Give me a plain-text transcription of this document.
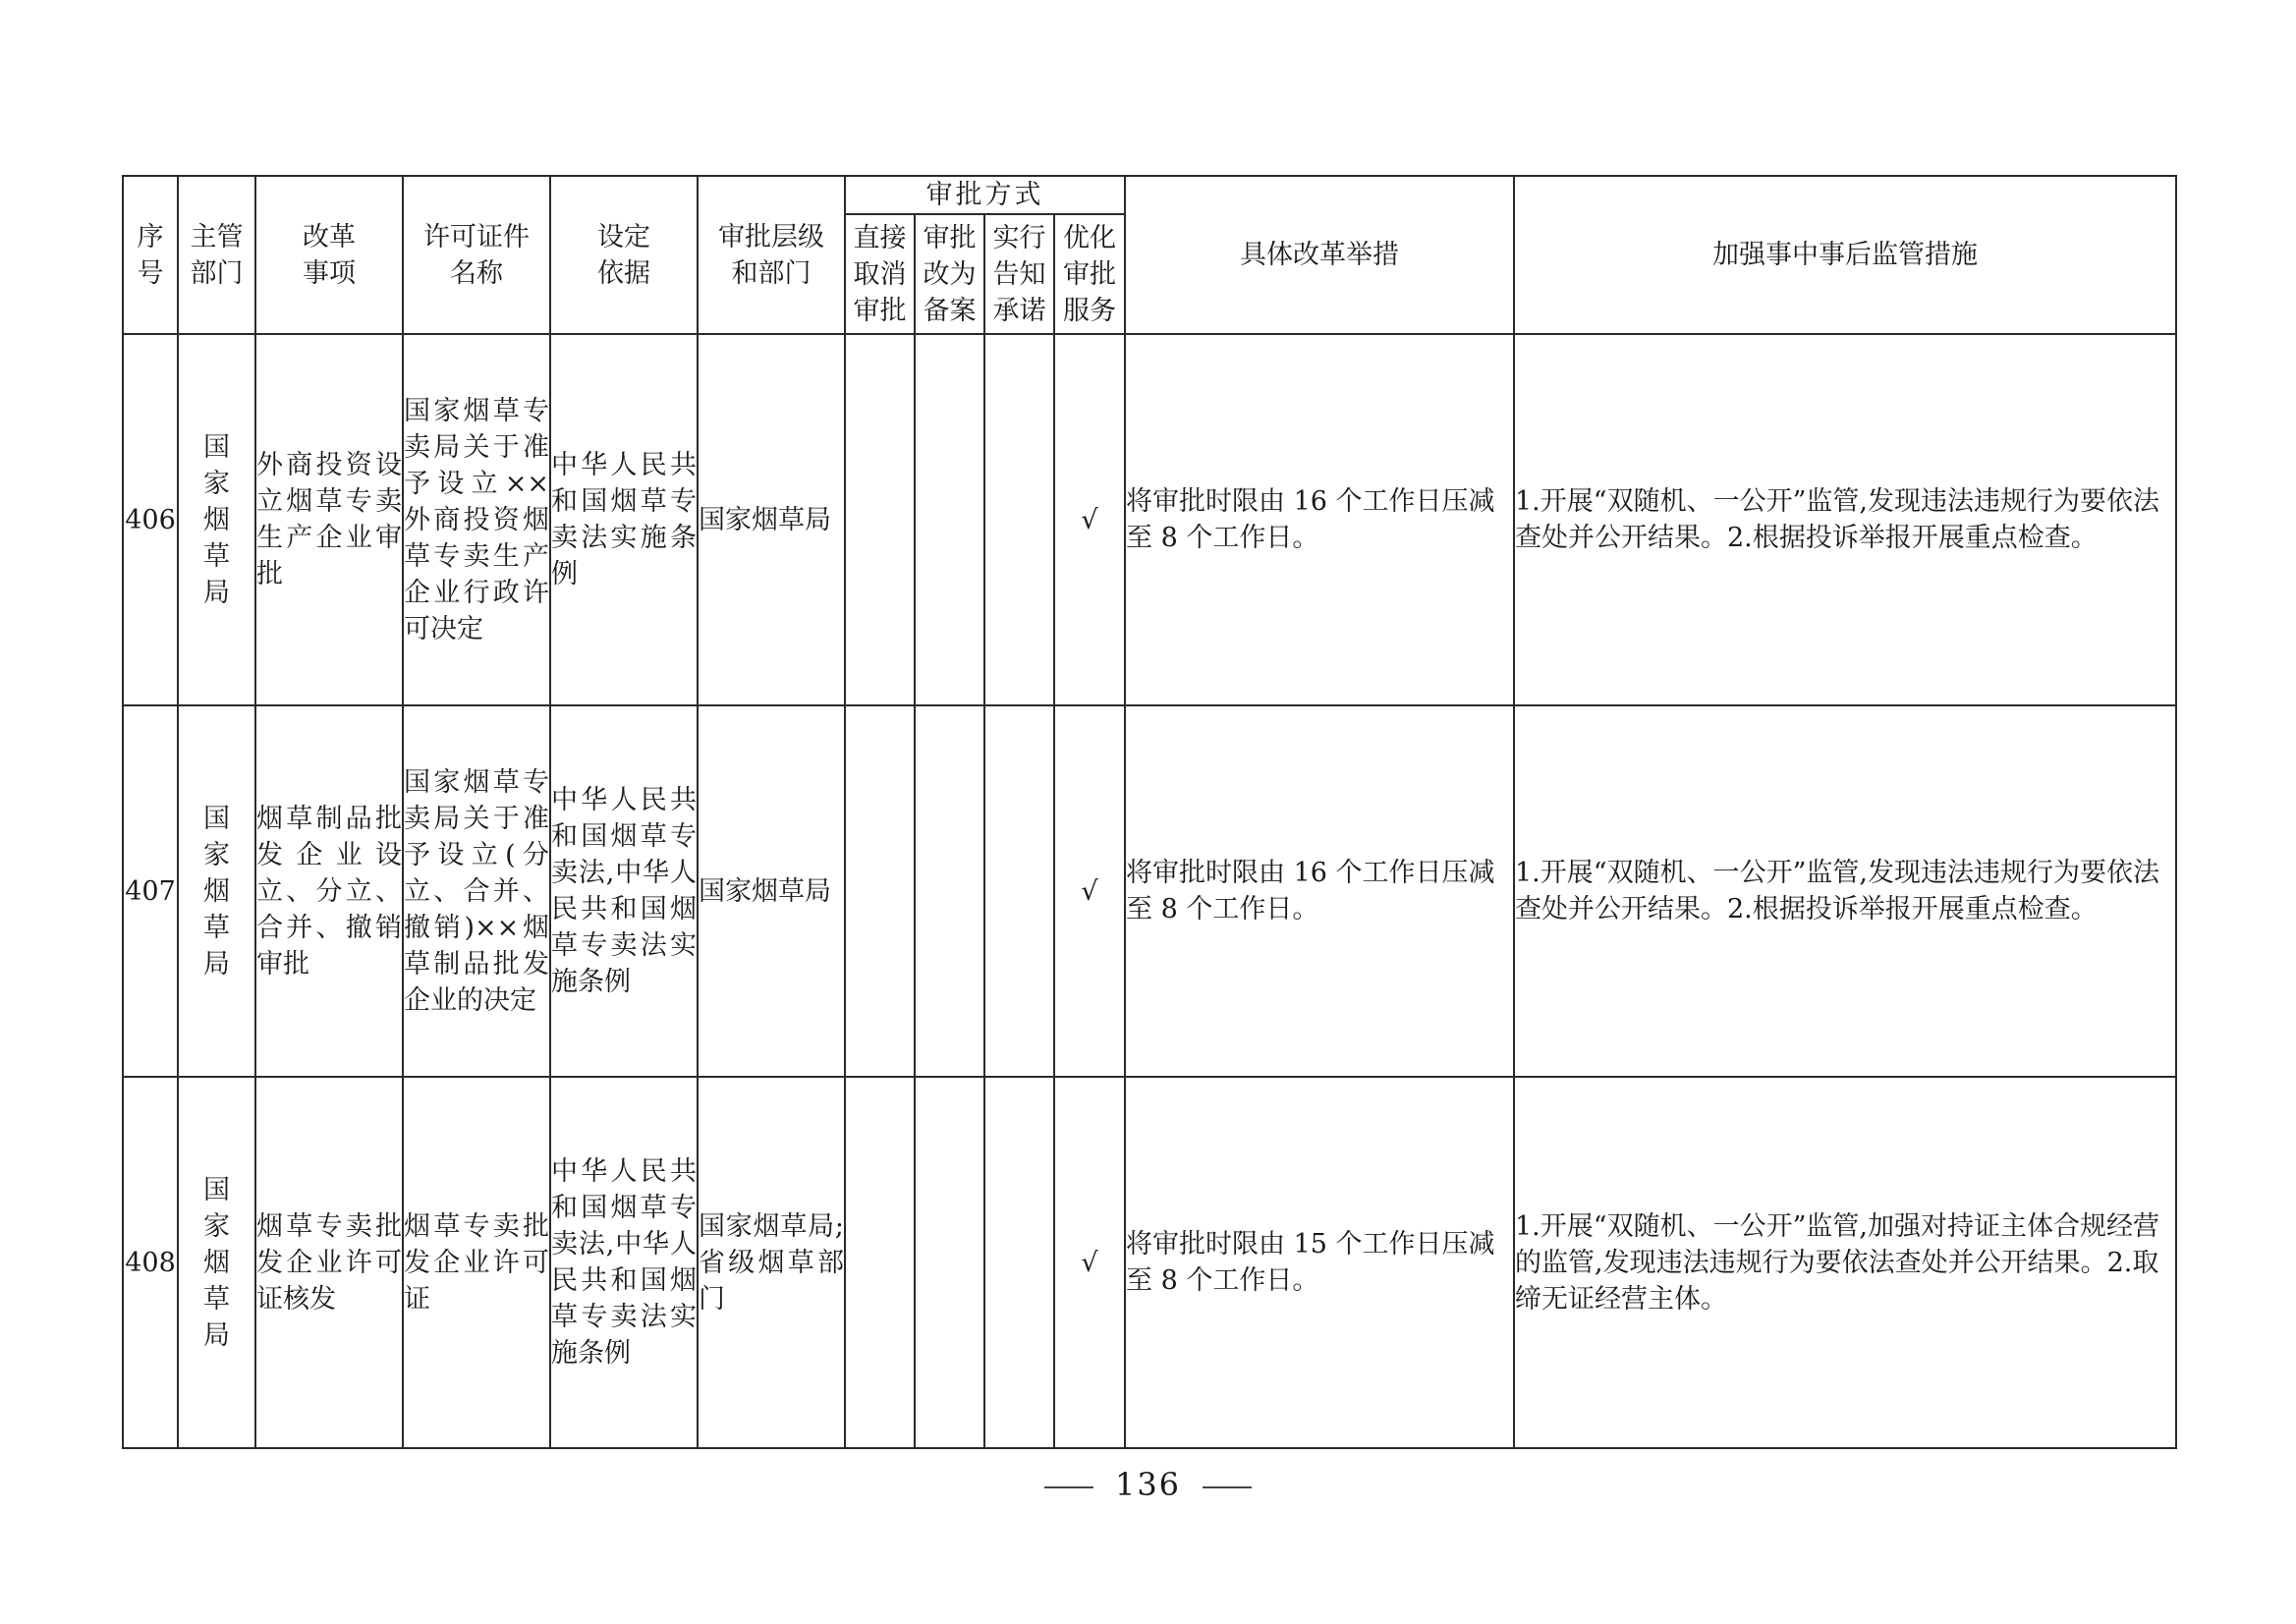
序号	主管部门	改革事项	许可证件名称	设定依据	审批层级和部门	审批方式				具体改革举措	加强事中事后监管措施
						直接取消审批	审批改为备案	实行告知承诺	优化审批服务		
406	国家烟草局	外商投资设立烟草专卖生产企业审批	国家烟草专卖局关于准予设立××外商投资烟草专卖生产企业行政许可决定	中华人民共和国烟草专卖法实施条例	国家烟草局				√	将审批时限由 16 个工作日压减至 8 个工作日。	1.开展“双随机、一公开”监管,发现违法违规行为要依法查处并公开结果。2.根据投诉举报开展重点检查。
407	国家烟草局	烟草制品批发企业设立、分立、合并、撤销审批	国家烟草专卖局关于准予设立(分立、合并、撤销)××烟草制品批发企业的决定	中华人民共和国烟草专卖法,中华人民共和国烟草专卖法实施条例	国家烟草局				√	将审批时限由 16 个工作日压减至 8 个工作日。	1.开展“双随机、一公开”监管,发现违法违规行为要依法查处并公开结果。2.根据投诉举报开展重点检查。
408	国家烟草局	烟草专卖批发企业许可证核发	烟草专卖批发企业许可证	中华人民共和国烟草专卖法,中华人民共和国烟草专卖法实施条例	国家烟草局;省级烟草部门				√	将审批时限由 15 个工作日压减至 8 个工作日。	1.开展“双随机、一公开”监管,加强对持证主体合规经营的监管,发现违法违规行为要依法查处并公开结果。2.取缔无证经营主体。
136
